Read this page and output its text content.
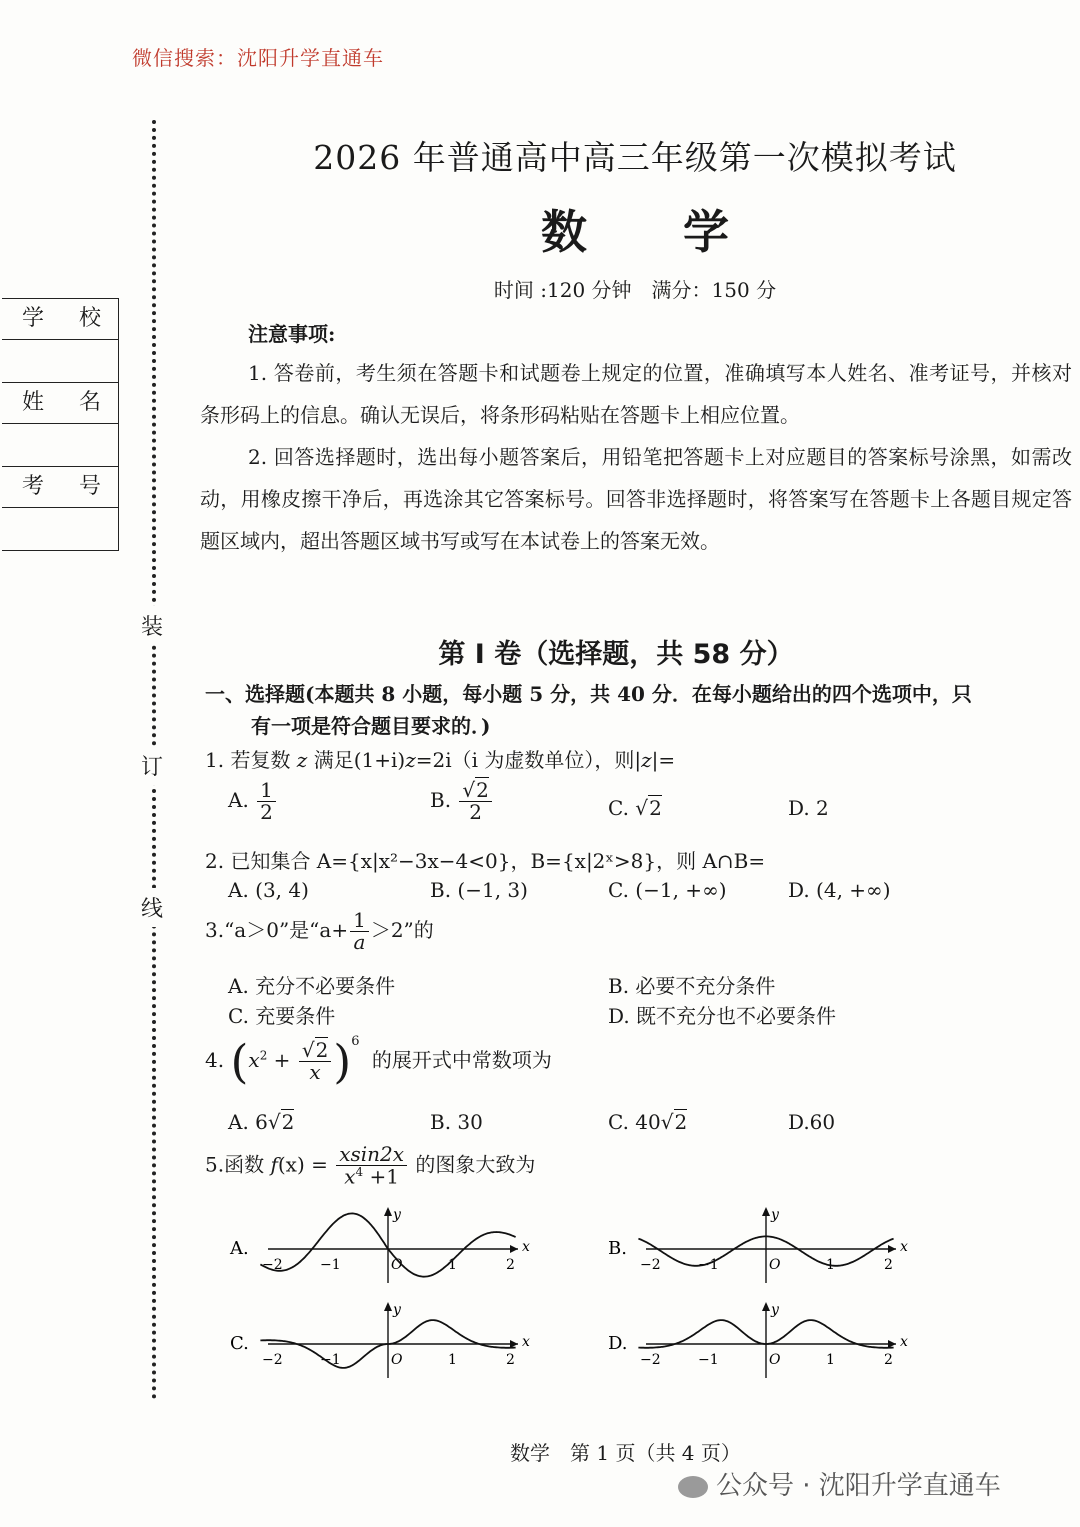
微信搜索：沈阳升学直通车
装
订
线
学 校
姓 名
考 号
2026 年普通高中高三年级第一次模拟考试
数 学
时间 :120 分钟　满分：150 分
注意事项:
1. 答卷前，考生须在答题卡和试题卷上规定的位置，准确填写本人姓名、准考证号，并核对条形码上的信息。确认无误后，将条形码粘贴在答题卡上相应位置。
2. 回答选择题时，选出每小题答案后，用铅笔把答题卡上对应题目的答案标号涂黑，如需改动，用橡皮擦干净后，再选涂其它答案标号。回答非选择题时，将答案写在答题卡上各题目规定答题区域内，超出答题区域书写或写在本试卷上的答案无效。
第 I 卷（选择题，共 58 分）
一、选择题(本题共 8 小题，每小题 5 分，共 40 分．在每小题给出的四个选项中，只
有一项是符合题目要求的．)
1. 若复数 z 满足(1+i)z=2i（i 为虚数单位），则|z|=
A. $\frac{1}{2}$	B. $\frac{√2}{2}$	C. √2	D. 2
2. 已知集合 A={x|x²−3x−4<0}，B={x|2ˣ>8}，则 A∩B=
A. (3, 4)	B. (−1, 3)	C. (−1, +∞)	D. (4, +∞)
3.“a＞0”是“$a+ \frac{1}{a} >2$”的
A. 充分不必要条件	B. 必要不充分条件
C. 充要条件	D. 既不充分也不必要条件
4. $(x^2 + \frac{√2}{x} )^6$ 的展开式中常数项为
A. 6√2	B. 30	C. 40√2	D.60
5.函数 $f(x) = \frac{xsin2x}{x^4 +1}$ 的图象大致为
A.	x
y
−2	−1	O	1	2
B.	x
y
−2	−1	O	1	2
C.	x
y
−2	−1	O	1	2
D.	x
y
−2	−1	O	1	2
数学　第 1 页（共 4 页）
公众号 · 沈阳升学直通车
